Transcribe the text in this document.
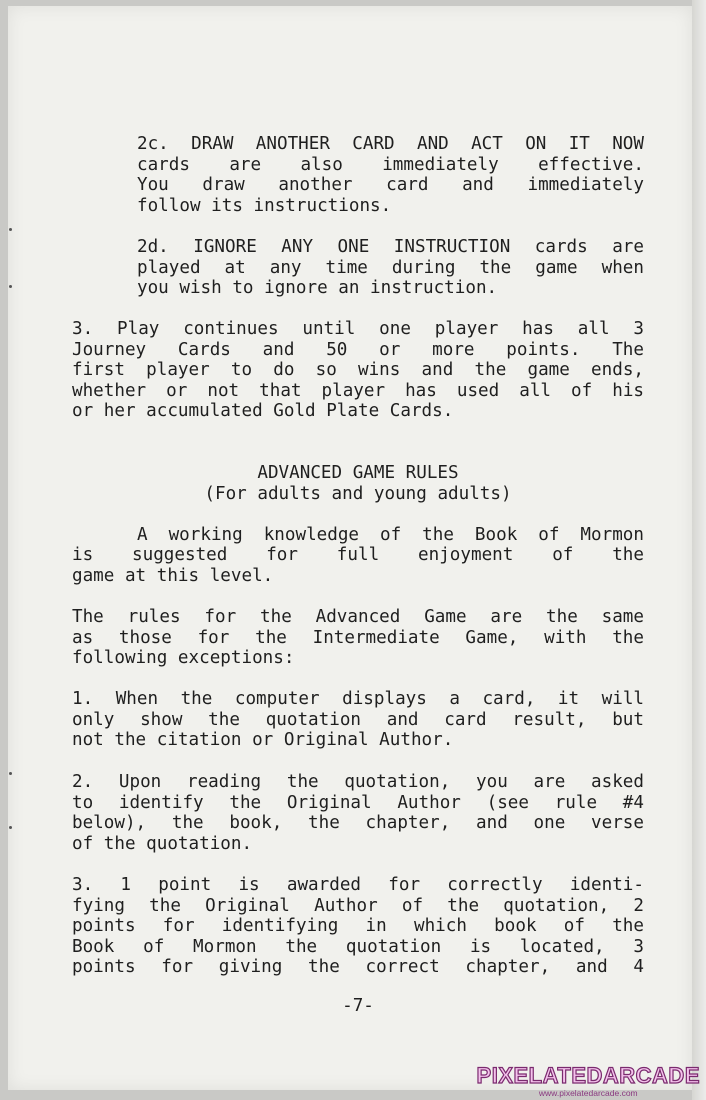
2c. DRAW ANOTHER CARD AND ACT ON IT NOW
cards are also immediately effective.
You draw another card and immediately
follow its instructions.
2d. IGNORE ANY ONE INSTRUCTION cards are
played at any time during the game when
you wish to ignore an instruction.
3. Play continues until one player has all 3
Journey Cards and 50 or more points. The
first player to do so wins and the game ends,
whether or not that player has used all of his
or her accumulated Gold Plate Cards.
ADVANCED GAME RULES
(For adults and young adults)
A working knowledge of the Book of Mormon
is suggested for full enjoyment of the
game at this level.
The rules for the Advanced Game are the same
as those for the Intermediate Game, with the
following exceptions:
1. When the computer displays a card, it will
only show the quotation and card result, but
not the citation or Original Author.
2. Upon reading the quotation, you are asked
to identify the Original Author (see rule #4
below), the book, the chapter, and one verse
of the quotation.
3. 1 point is awarded for correctly identi-
fying the Original Author of the quotation, 2
points for identifying in which book of the
Book of Mormon the quotation is located, 3
points for giving the correct chapter, and 4
-7-
PIXELATEDARCADE
www.pixelatedarcade.com
